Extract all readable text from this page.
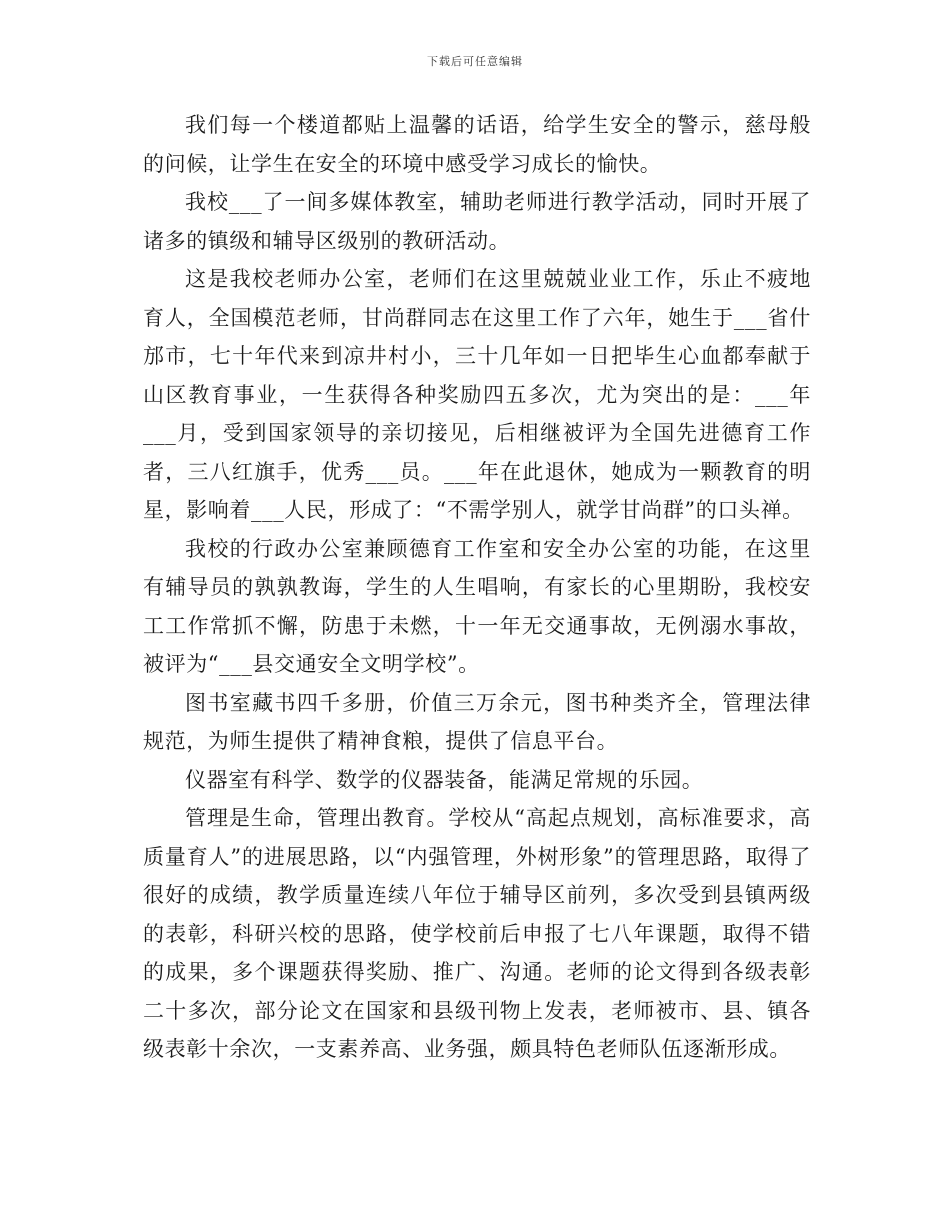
下载后可任意编辑

我们每一个楼道都贴上温馨的话语，给学生安全的警示，慈母般的问候，让学生在安全的环境中感受学习成长的愉快。

我校___了一间多媒体教室，辅助老师进行教学活动，同时开展了诸多的镇级和辅导区级别的教研活动。

这是我校老师办公室，老师们在这里兢兢业业工作，乐止不疲地育人，全国模范老师，甘尚群同志在这里工作了六年，她生于___省什邡市，七十年代来到凉井村小，三十几年如一日把毕生心血都奉献于山区教育事业，一生获得各种奖励四五多次，尤为突出的是：___年___月，受到国家领导的亲切接见，后相继被评为全国先进德育工作者，三八红旗手，优秀___员。___年在此退休，她成为一颗教育的明星，影响着___人民，形成了：“不需学别人，就学甘尚群”的口头禅。

我校的行政办公室兼顾德育工作室和安全办公室的功能，在这里有辅导员的孰孰教诲，学生的人生唱响，有家长的心里期盼，我校安工工作常抓不懈，防患于未燃，十一年无交通事故，无例溺水事故，被评为“___县交通安全文明学校”。

图书室藏书四千多册，价值三万余元，图书种类齐全，管理法律规范，为师生提供了精神食粮，提供了信息平台。

仪器室有科学、数学的仪器装备，能满足常规的乐园。

管理是生命，管理出教育。学校从“高起点规划，高标准要求，高质量育人”的进展思路，以“内强管理，外树形象”的管理思路，取得了很好的成绩，教学质量连续八年位于辅导区前列，多次受到县镇两级的表彰，科研兴校的思路，使学校前后申报了七八年课题，取得不错的成果，多个课题获得奖励、推广、沟通。老师的论文得到各级表彰二十多次，部分论文在国家和县级刊物上发表，老师被市、县、镇各级表彰十余次，一支素养高、业务强，颇具特色老师队伍逐渐形成。
